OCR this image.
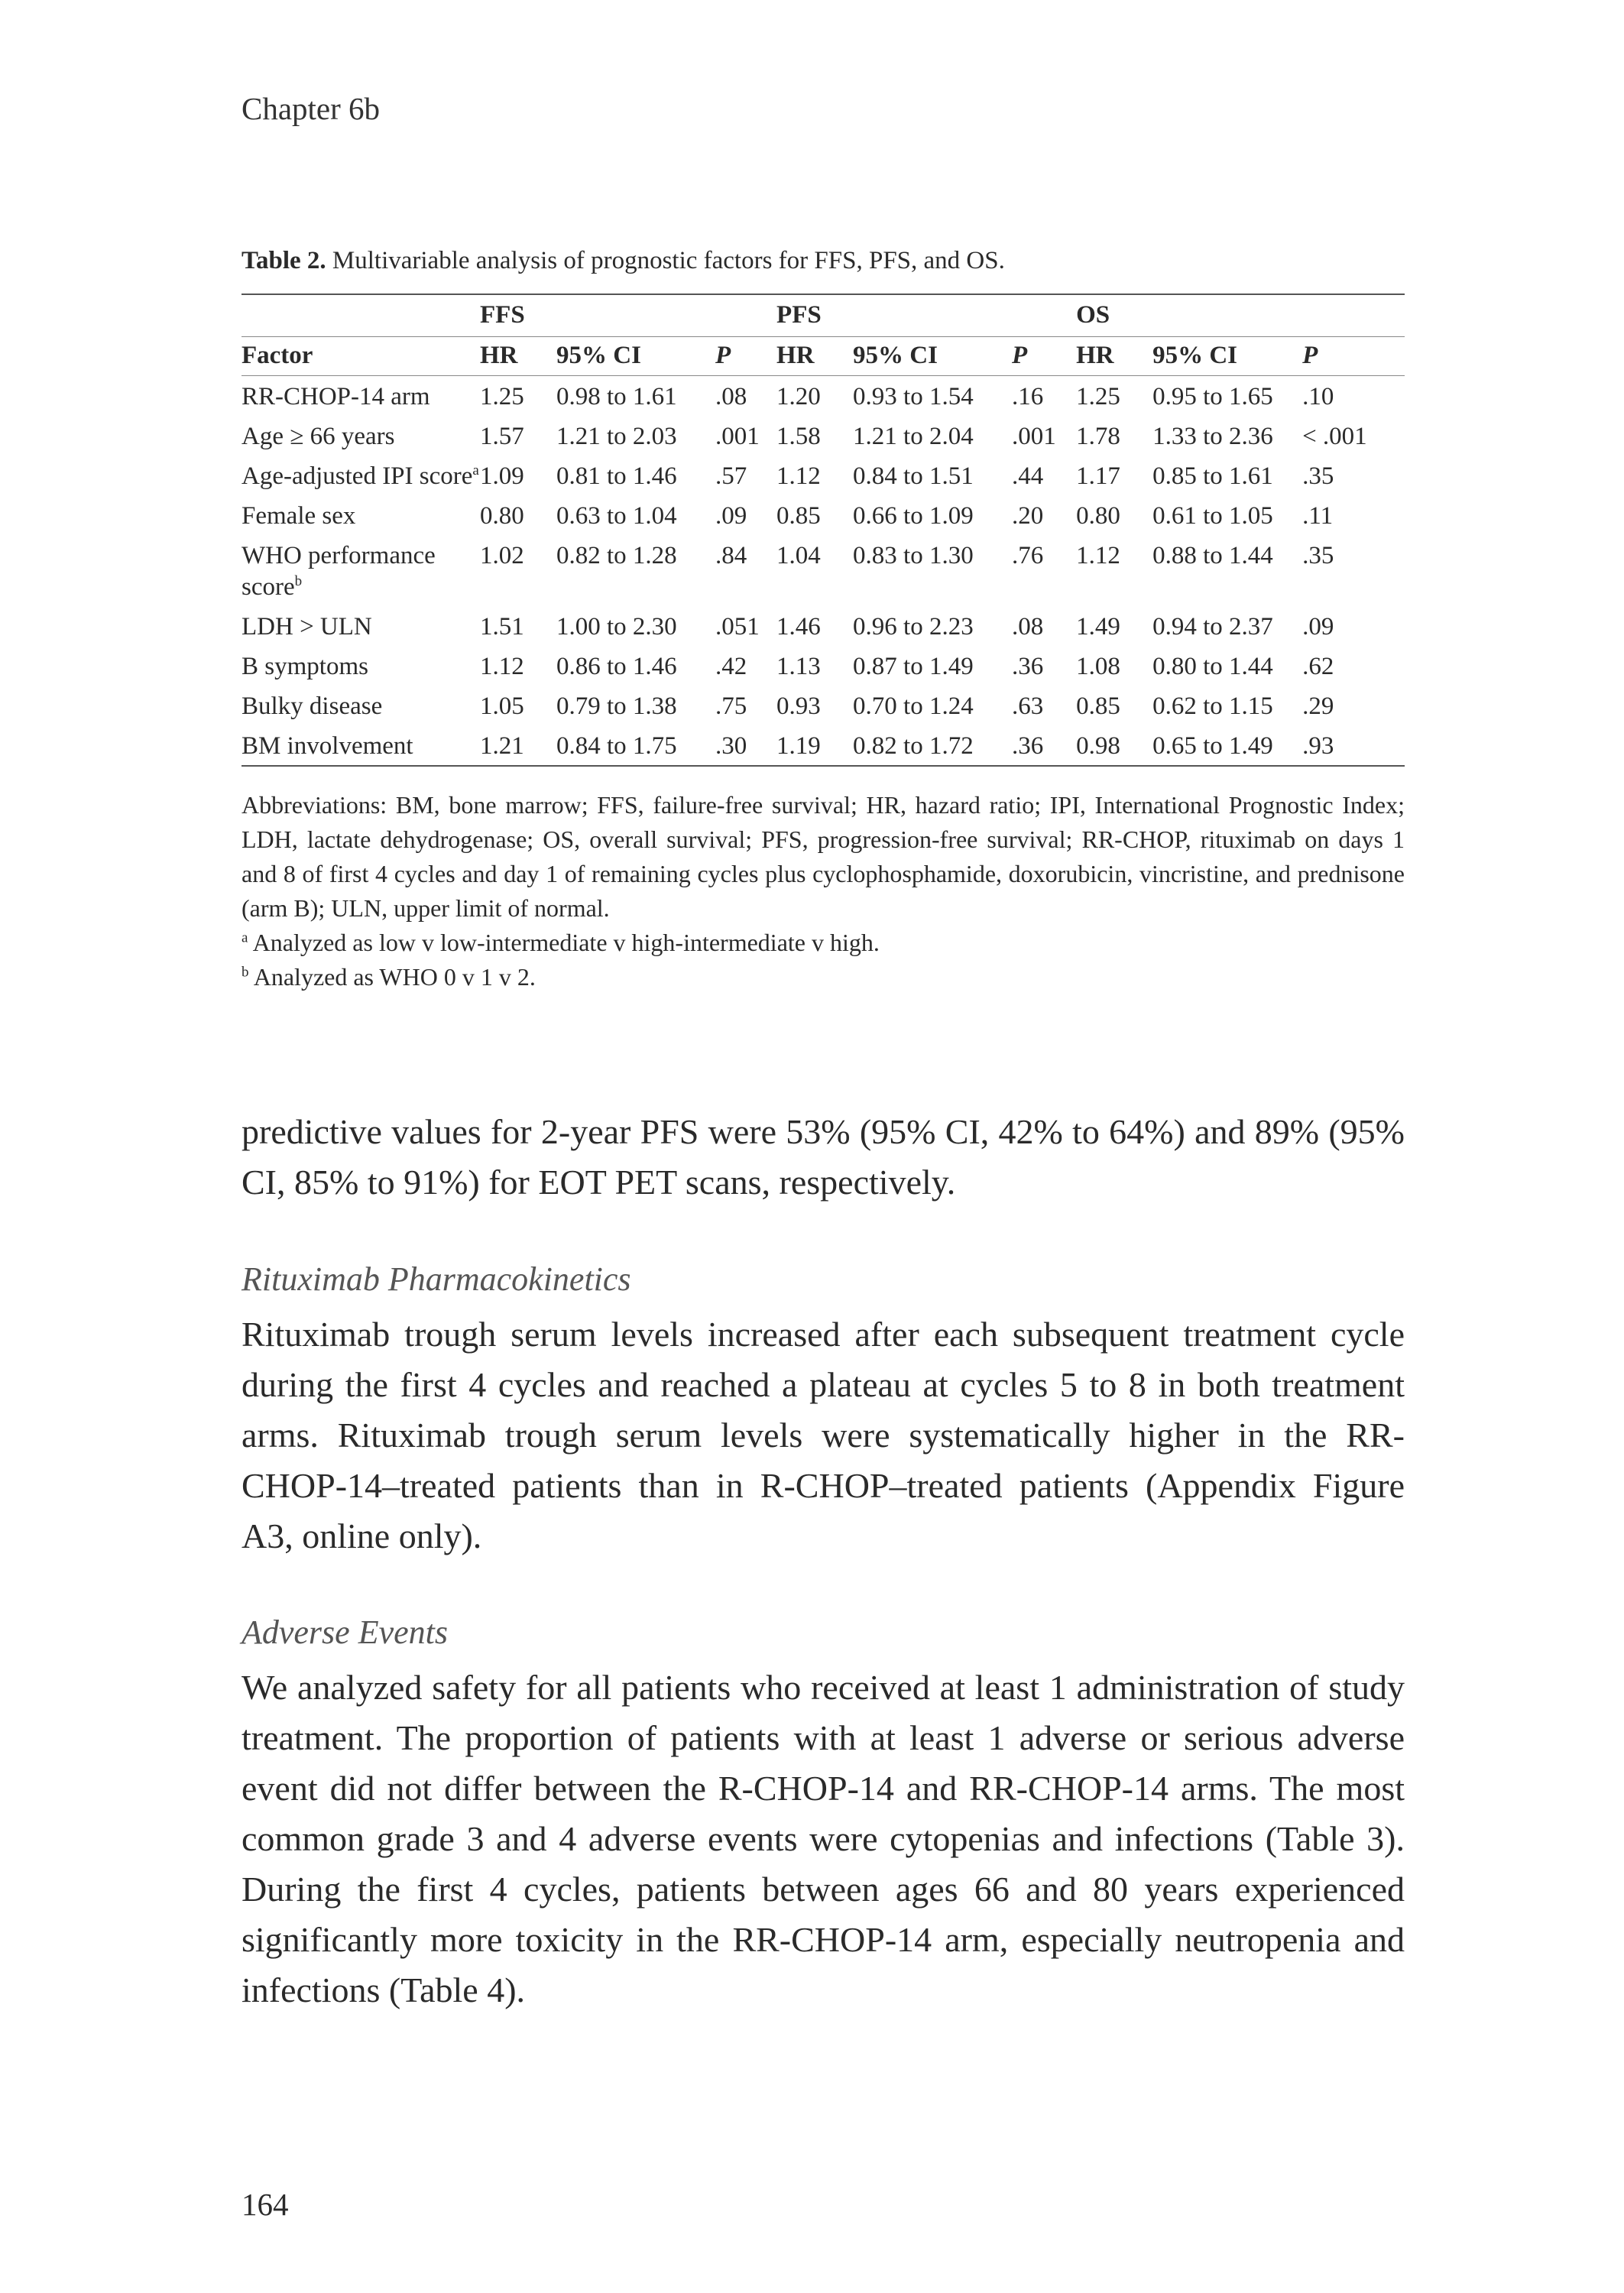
Chapter 6b
Table 2. Multivariable analysis of prognostic factors for FFS, PFS, and OS.
	FFS			PFS			OS		
Factor	HR	95% CI	P	HR	95% CI	P	HR	95% CI	P
RR-CHOP-14 arm	1.25	0.98 to 1.61	.08	1.20	0.93 to 1.54	.16	1.25	0.95 to 1.65	.10
Age ≥ 66 years	1.57	1.21 to 2.03	.001	1.58	1.21 to 2.04	.001	1.78	1.33 to 2.36	< .001
Age-adjusted IPI score$^a$	1.09	0.81 to 1.46	.57	1.12	0.84 to 1.51	.44	1.17	0.85 to 1.61	.35
Female sex	0.80	0.63 to 1.04	.09	0.85	0.66 to 1.09	.20	0.80	0.61 to 1.05	.11
WHO performance score$^b$	1.02	0.82 to 1.28	.84	1.04	0.83 to 1.30	.76	1.12	0.88 to 1.44	.35
LDH > ULN	1.51	1.00 to 2.30	.051	1.46	0.96 to 2.23	.08	1.49	0.94 to 2.37	.09
B symptoms	1.12	0.86 to 1.46	.42	1.13	0.87 to 1.49	.36	1.08	0.80 to 1.44	.62
Bulky disease	1.05	0.79 to 1.38	.75	0.93	0.70 to 1.24	.63	0.85	0.62 to 1.15	.29
BM involvement	1.21	0.84 to 1.75	.30	1.19	0.82 to 1.72	.36	0.98	0.65 to 1.49	.93
Abbreviations: BM, bone marrow; FFS, failure-free survival; HR, hazard ratio; IPI, International Prognostic Index; LDH, lactate dehydrogenase; OS, overall survival; PFS, progression-free survival; RR-CHOP, rituximab on days 1 and 8 of first 4 cycles and day 1 of remaining cycles plus cyclophosphamide, doxorubicin, vincristine, and prednisone (arm B); ULN, upper limit of normal.
$^a$ Analyzed as low v low-intermediate v high-intermediate v high.
$^b$ Analyzed as WHO 0 v 1 v 2.

predictive values for 2-year PFS were 53% (95% CI, 42% to 64%) and 89% (95% CI, 85% to 91%) for EOT PET scans, respectively.

Rituximab Pharmacokinetics

Rituximab trough serum levels increased after each subsequent treatment cycle during the first 4 cycles and reached a plateau at cycles 5 to 8 in both treatment arms. Rituximab trough serum levels were systematically higher in the RR-CHOP-14–treated patients than in R-CHOP–treated patients (Appendix Figure A3, online only).

Adverse Events

We analyzed safety for all patients who received at least 1 administration of study treatment. The proportion of patients with at least 1 adverse or serious adverse event did not differ between the R-CHOP-14 and RR-CHOP-14 arms. The most common grade 3 and 4 adverse events were cytopenias and infections (Table 3). During the first 4 cycles, patients between ages 66 and 80 years experienced significantly more toxicity in the RR-CHOP-14 arm, especially neutropenia and infections (Table 4).

164
